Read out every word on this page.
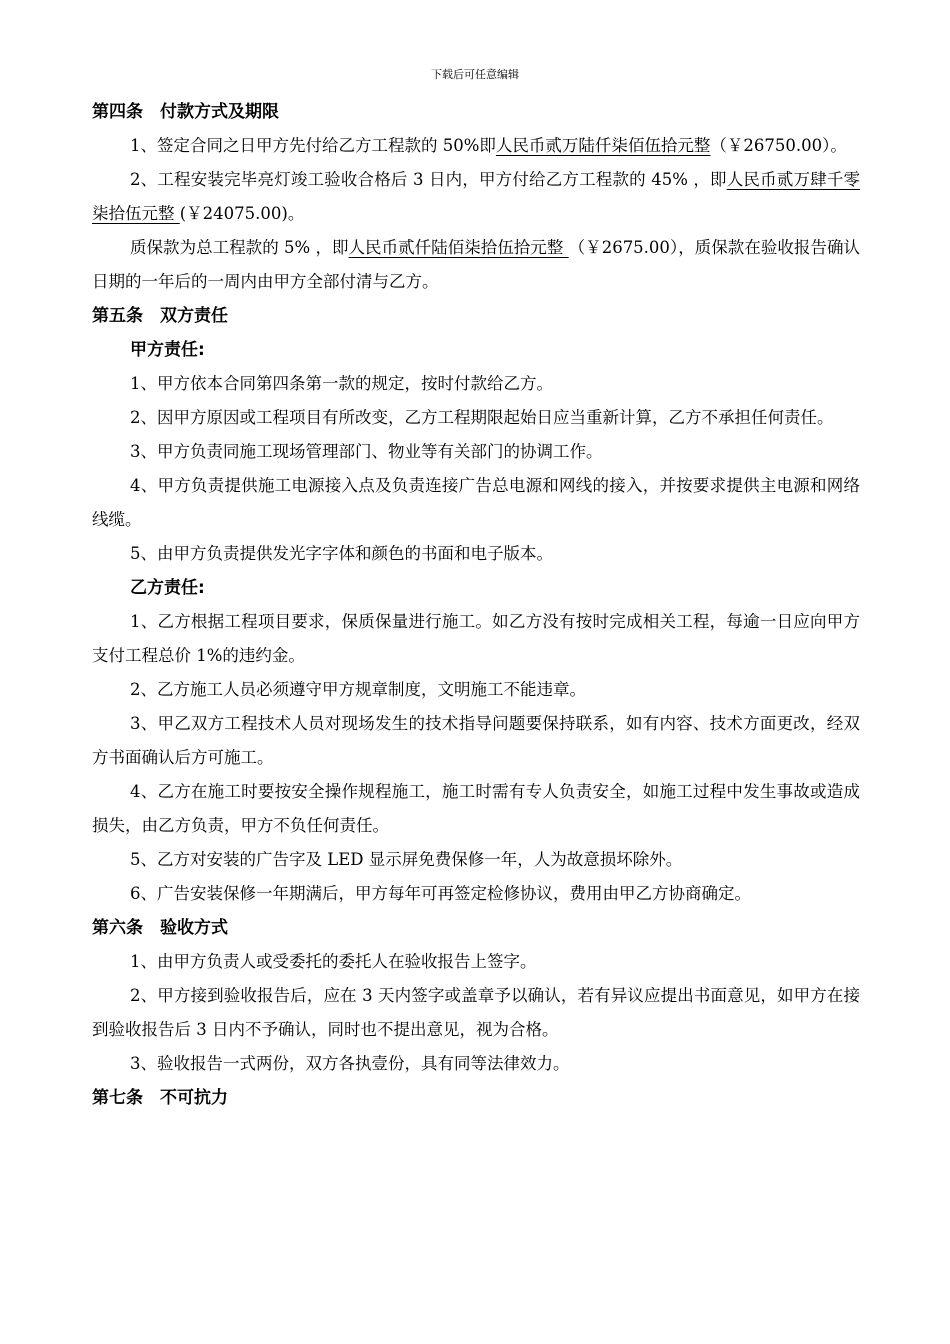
下载后可任意编辑
第四条　付款方式及期限
1、签定合同之日甲方先付给乙方工程款的 50%即人民币贰万陆仟柒佰伍拾元整（￥26750.00）。
2、工程安装完毕亮灯竣工验收合格后 3 日内，甲方付给乙方工程款的 45% ，即人民币贰万肆千零柒拾伍元整 (￥24075.00)。
质保款为总工程款的 5% ，即人民币贰仟陆佰柒拾伍拾元整 （￥2675.00），质保款在验收报告确认日期的一年后的一周内由甲方全部付清与乙方。
第五条　双方责任
甲方责任:
1、甲方依本合同第四条第一款的规定，按时付款给乙方。
2、因甲方原因或工程项目有所改变，乙方工程期限起始日应当重新计算，乙方不承担任何责任。
3、甲方负责同施工现场管理部门、物业等有关部门的协调工作。
4、甲方负责提供施工电源接入点及负责连接广告总电源和网线的接入，并按要求提供主电源和网络线缆。
5、由甲方负责提供发光字字体和颜色的书面和电子版本。
乙方责任:
1、乙方根据工程项目要求，保质保量进行施工。如乙方没有按时完成相关工程，每逾一日应向甲方支付工程总价 1%的违约金。
2、乙方施工人员必须遵守甲方规章制度，文明施工不能违章。
3、甲乙双方工程技术人员对现场发生的技术指导问题要保持联系，如有内容、技术方面更改，经双方书面确认后方可施工。
4、乙方在施工时要按安全操作规程施工，施工时需有专人负责安全，如施工过程中发生事故或造成损失，由乙方负责，甲方不负任何责任。
5、乙方对安装的广告字及 LED 显示屏免费保修一年，人为故意损坏除外。
6、广告安装保修一年期满后，甲方每年可再签定检修协议，费用由甲乙方协商确定。
第六条　验收方式
1、由甲方负责人或受委托的委托人在验收报告上签字。
2、甲方接到验收报告后，应在 3 天内签字或盖章予以确认，若有异议应提出书面意见，如甲方在接到验收报告后 3 日内不予确认，同时也不提出意见，视为合格。
3、验收报告一式两份，双方各执壹份，具有同等法律效力。
第七条　不可抗力
